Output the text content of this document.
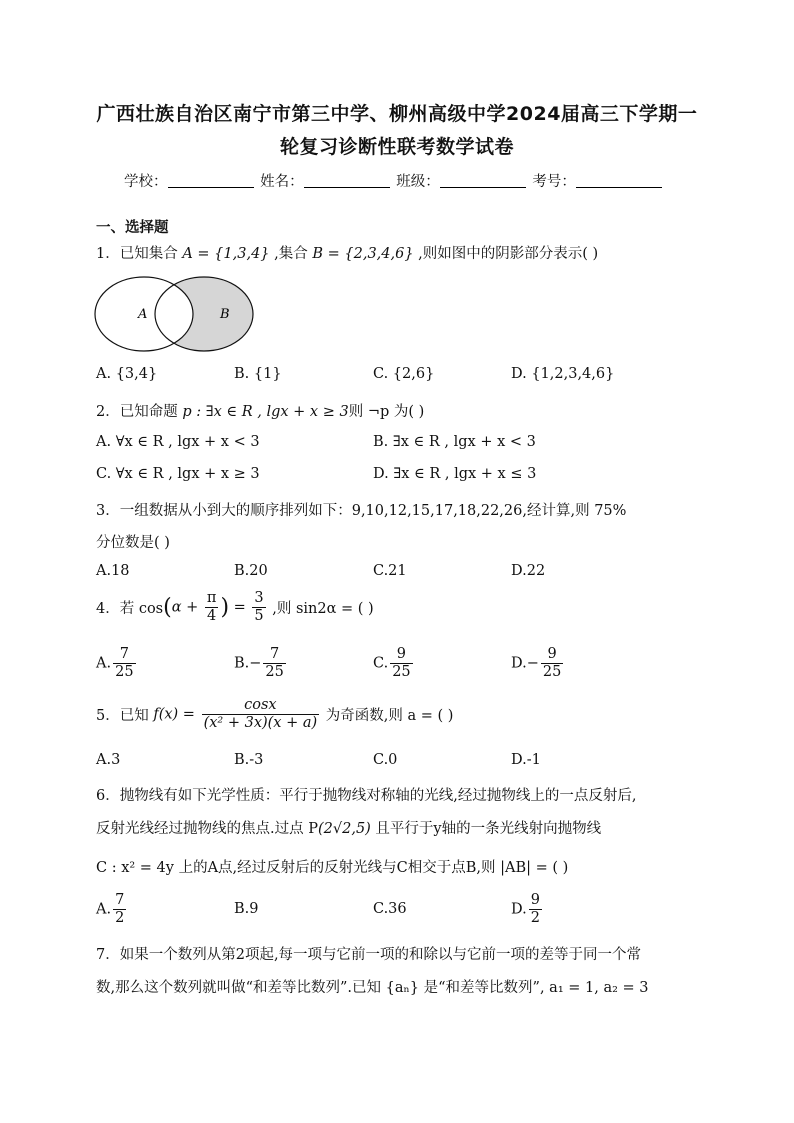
广西壮族自治区南宁市第三中学、柳州高级中学2024届高三下学期一
轮复习诊断性联考数学试卷
学校：	姓名：	班级：	考号：
一、选择题
1．已知集合 A = {1,3,4} ,集合 B = {2,3,4,6} ,则如图中的阴影部分表示( )
A	B
A. {3,4}	B. {1}	C. {2,6}	D. {1,2,3,4,6}
2．已知命题 p : ∃x ∈ R , lgx + x ≥ 3则 ¬p 为( )
A. ∀x ∈ R , lgx + x < 3	B. ∃x ∈ R , lgx + x < 3
C. ∀x ∈ R , lgx + x ≥ 3	D. ∃x ∈ R , lgx + x ≤ 3
3．一组数据从小到大的顺序排列如下：9,10,12,15,17,18,22,26,经计算,则 75%
分位数是( )
A.18	B.20	C.21	D.22
4．若 $\cos(\alpha + \frac{\pi}{4}$ ) = $\frac{3}{5}$ ,则 sin2α = ( )
A. $\frac{7}{25}$	$B.- \frac{7}{25}$	C. $\frac{9}{25}$	$D.- \frac{9}{25}$
5．已知 $f(x) = \frac{\cos x}{\text{(x² + 3x)(x + a)}}$ 为奇函数,则 a = ( )
A.3	B.-3	C.0	D.-1
6．抛物线有如下光学性质：平行于抛物线对称轴的光线,经过抛物线上的一点反射后,
反射光线经过抛物线的焦点.过点 P(2√2,5) 且平行于y轴的一条光线射向抛物线
C : x² = 4y 上的A点,经过反射后的反射光线与C相交于点B,则 |AB| = ( )
A. $\frac{7}{2}$	B.9	C.36	D. $\frac{9}{2}$
7．如果一个数列从第2项起,每一项与它前一项的和除以与它前一项的差等于同一个常
数,那么这个数列就叫做“和差等比数列”.已知 {aₙ} 是“和差等比数列”, a₁ = 1, a₂ = 3
